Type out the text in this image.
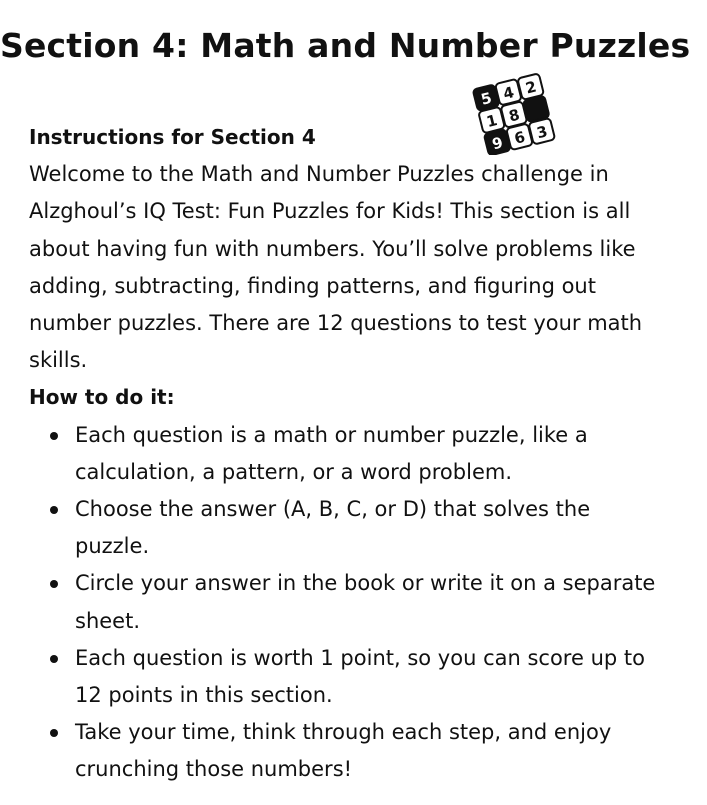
Section 4: Math and Number Puzzles
5 4 2
1 8
9 6 3
Instructions for Section 4

Welcome to the Math and Number Puzzles challenge in Alzghoul’s IQ Test: Fun Puzzles for Kids! This section is all about having fun with numbers. You’ll solve problems like adding, subtracting, finding patterns, and figuring out number puzzles. There are 12 questions to test your math skills.

How to do it:
Each question is a math or number puzzle, like a calculation, a pattern, or a word problem.
Choose the answer (A, B, C, or D) that solves the puzzle.
Circle your answer in the book or write it on a separate sheet.
Each question is worth 1 point, so you can score up to 12 points in this section.
Take your time, think through each step, and enjoy crunching those numbers!
